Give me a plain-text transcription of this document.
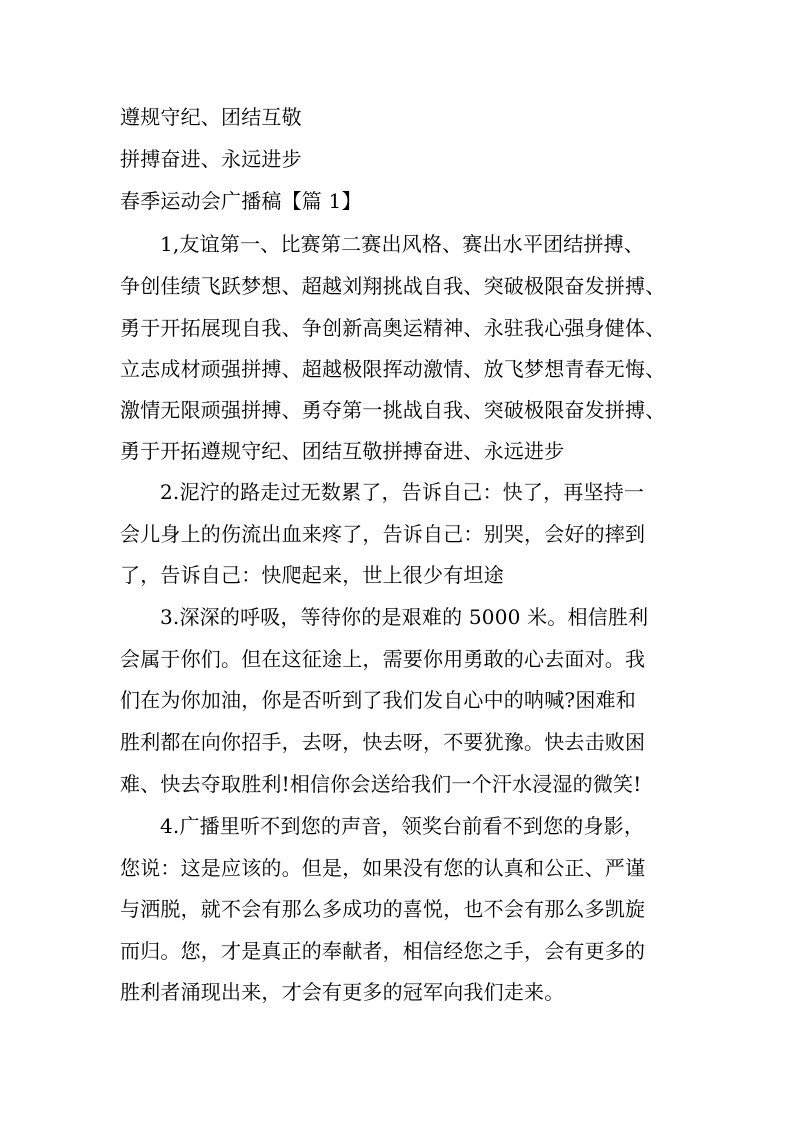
遵规守纪、团结互敬
拼搏奋进、永远进步
春季运动会广播稿【篇 1】
1,友谊第一、比赛第二赛出风格、赛出水平团结拼搏、
争创佳绩飞跃梦想、超越刘翔挑战自我、突破极限奋发拼搏、
勇于开拓展现自我、争创新高奥运精神、永驻我心强身健体、
立志成材顽强拼搏、超越极限挥动激情、放飞梦想青春无悔、
激情无限顽强拼搏、勇夺第一挑战自我、突破极限奋发拼搏、
勇于开拓遵规守纪、团结互敬拼搏奋进、永远进步
2.泥泞的路走过无数累了，告诉自己：快了，再坚持一
会儿身上的伤流出血来疼了，告诉自己：别哭，会好的摔到
了，告诉自己：快爬起来，世上很少有坦途
3.深深的呼吸，等待你的是艰难的 5000 米。相信胜利
会属于你们。但在这征途上，需要你用勇敢的心去面对。我
们在为你加油，你是否听到了我们发自心中的呐喊?困难和
胜利都在向你招手，去呀，快去呀，不要犹豫。快去击败困
难、快去夺取胜利!相信你会送给我们一个汗水浸湿的微笑!
4.广播里听不到您的声音，领奖台前看不到您的身影，
您说：这是应该的。但是，如果没有您的认真和公正、严谨
与洒脱，就不会有那么多成功的喜悦，也不会有那么多凯旋
而归。您，才是真正的奉献者，相信经您之手，会有更多的
胜利者涌现出来，才会有更多的冠军向我们走来。
